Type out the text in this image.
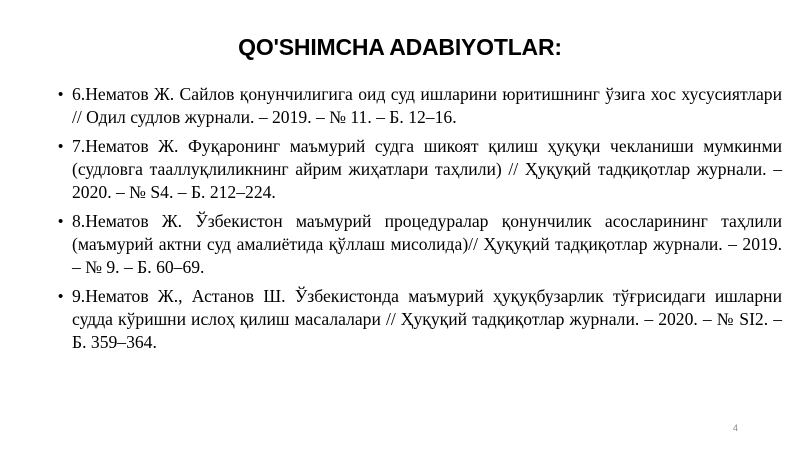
QO'SHIMCHA ADABIYOTLAR:
• 6.Нематов Ж. Сайлов қонунчилигига оид суд ишларини юритишнинг ўзига хос хусусиятлари // Одил судлов журнали. – 2019. – № 11. – Б. 12–16.
• 7.Нематов Ж. Фуқаронинг маъмурий судга шикоят қилиш ҳуқуқи чекланиши мумкинми (судловга тааллуқлиликнинг айрим жиҳатлари таҳлили) // Ҳуқуқий тадқиқотлар журнали. – 2020. – № S4. – Б. 212–224.
• 8.Нематов Ж. Ўзбекистон маъмурий процедуралар қонунчилик асосларининг таҳлили (маъмурий актни суд амалиётида қўллаш мисолида)// Ҳуқуқий тадқиқотлар журнали. – 2019. – № 9. – Б. 60–69.
• 9.Нематов Ж., Астанов Ш. Ўзбекистонда маъмурий ҳуқуқбузарлик тўғрисидаги ишларни судда кўришни ислоҳ қилиш масалалари // Ҳуқуқий тадқиқотлар журнали. – 2020. – № SI2. – Б. 359–364.
4
